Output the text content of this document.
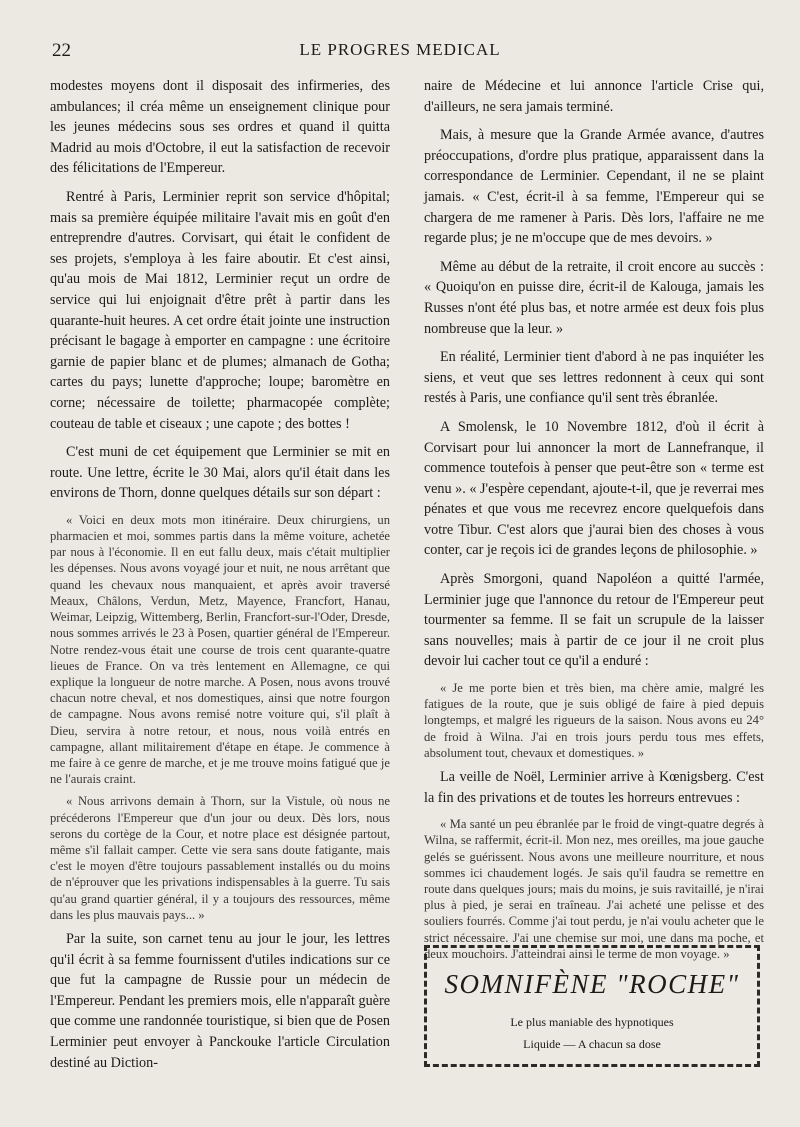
22	LE PROGRES MEDICAL

modestes moyens dont il disposait des infirmeries, des ambulances; il créa même un enseignement clinique pour les jeunes médecins sous ses ordres et quand il quitta Madrid au mois d'Octobre, il eut la satisfaction de recevoir des félicitations de l'Empereur.

Rentré à Paris, Lerminier reprit son service d'hôpital; mais sa première équipée militaire l'avait mis en goût d'en entreprendre d'autres. Corvisart, qui était le confident de ses projets, s'employa à les faire aboutir. Et c'est ainsi, qu'au mois de Mai 1812, Lerminier reçut un ordre de service qui lui enjoignait d'être prêt à partir dans les quarante-huit heures. A cet ordre était jointe une instruction précisant le bagage à emporter en campagne : une écritoire garnie de papier blanc et de plumes; almanach de Gotha; cartes du pays; lunette d'approche; loupe; baromètre en corne; nécessaire de toilette; pharmacopée complète; couteau de table et ciseaux ; une capote ; des bottes !

C'est muni de cet équipement que Lerminier se mit en route. Une lettre, écrite le 30 Mai, alors qu'il était dans les environs de Thorn, donne quelques détails sur son départ :

« Voici en deux mots mon itinéraire. Deux chirurgiens, un pharmacien et moi, sommes partis dans la même voiture, achetée par nous à l'économie. Il en eut fallu deux, mais c'était multiplier les dépenses. Nous avons voyagé jour et nuit, ne nous arrêtant que quand les chevaux nous manquaient, et après avoir traversé Meaux, Châlons, Verdun, Metz, Mayence, Francfort, Hanau, Weimar, Leipzig, Wittemberg, Berlin, Francfort-sur-l'Oder, Dresde, nous sommes arrivés le 23 à Posen, quartier général de l'Empereur. Notre rendez-vous était une course de trois cent quarante-quatre lieues de France. On va très lentement en Allemagne, ce qui explique la longueur de notre marche. A Posen, nous avons trouvé chacun notre cheval, et nos domestiques, ainsi que notre fourgon de campagne. Nous avons remisé notre voiture qui, s'il plaît à Dieu, servira à notre retour, et nous, nous voilà entrés en campagne, allant militairement d'étape en étape. Je commence à me faire à ce genre de marche, et je me trouve moins fatigué que je ne l'aurais craint.

« Nous arrivons demain à Thorn, sur la Vistule, où nous ne précéderons l'Empereur que d'un jour ou deux. Dès lors, nous serons du cortège de la Cour, et notre place est désignée partout, même s'il fallait camper. Cette vie sera sans doute fatigante, mais c'est le moyen d'être toujours passablement installés ou du moins de n'éprouver que les privations indispensables à la guerre. Tu sais qu'au grand quartier général, il y a toujours des ressources, même dans les plus mauvais pays... »

Par la suite, son carnet tenu au jour le jour, les lettres qu'il écrit à sa femme fournissent d'utiles indications sur ce que fut la campagne de Russie pour un médecin de l'Empereur. Pendant les premiers mois, elle n'apparaît guère que comme une randonnée touristique, si bien que de Posen Lerminier peut envoyer à Panckouke l'article Circulation destiné au Diction-

naire de Médecine et lui annonce l'article Crise qui, d'ailleurs, ne sera jamais terminé.

Mais, à mesure que la Grande Armée avance, d'autres préoccupations, d'ordre plus pratique, apparaissent dans la correspondance de Lerminier. Cependant, il ne se plaint jamais. « C'est, écrit-il à sa femme, l'Empereur qui se chargera de me ramener à Paris. Dès lors, l'affaire ne me regarde plus; je ne m'occupe que de mes devoirs. »

Même au début de la retraite, il croit encore au succès : « Quoiqu'on en puisse dire, écrit-il de Kalouga, jamais les Russes n'ont été plus bas, et notre armée est deux fois plus nombreuse que la leur. »

En réalité, Lerminier tient d'abord à ne pas inquiéter les siens, et veut que ses lettres redonnent à ceux qui sont restés à Paris, une confiance qu'il sent très ébranlée.

A Smolensk, le 10 Novembre 1812, d'où il écrit à Corvisart pour lui annoncer la mort de Lannefranque, il commence toutefois à penser que peut-être son « terme est venu ». « J'espère cependant, ajoute-t-il, que je reverrai mes pénates et que vous me recevrez encore quelquefois dans votre Tibur. C'est alors que j'aurai bien des choses à vous conter, car je reçois ici de grandes leçons de philosophie. »

Après Smorgoni, quand Napoléon a quitté l'armée, Lerminier juge que l'annonce du retour de l'Empereur peut tourmenter sa femme. Il se fait un scrupule de la laisser sans nouvelles; mais à partir de ce jour il ne croit plus devoir lui cacher tout ce qu'il a enduré :

« Je me porte bien et très bien, ma chère amie, malgré les fatigues de la route, que je suis obligé de faire à pied depuis longtemps, et malgré les rigueurs de la saison. Nous avons eu 24° de froid à Wilna. J'ai en trois jours perdu tous mes effets, absolument tout, chevaux et domestiques. »

La veille de Noël, Lerminier arrive à Kœnigsberg. C'est la fin des privations et de toutes les horreurs entrevues :

« Ma santé un peu ébranlée par le froid de vingt-quatre degrés à Wilna, se raffermit, écrit-il. Mon nez, mes oreilles, ma joue gauche gelés se guérissent. Nous avons une meilleure nourriture, et nous sommes ici chaudement logés. Je sais qu'il faudra se remettre en route dans quelques jours; mais du moins, je suis ravitaillé, je n'irai plus à pied, je serai en traîneau. J'ai acheté une pelisse et des souliers fourrés. Comme j'ai tout perdu, je n'ai voulu acheter que le strict nécessaire. J'ai une chemise sur moi, une dans ma poche, et deux mouchoirs. J'atteindrai ainsi le terme de mon voyage. »

SOMNIFÈNE "ROCHE"
Le plus maniable des hypnotiques
Liquide — A chacun sa dose
